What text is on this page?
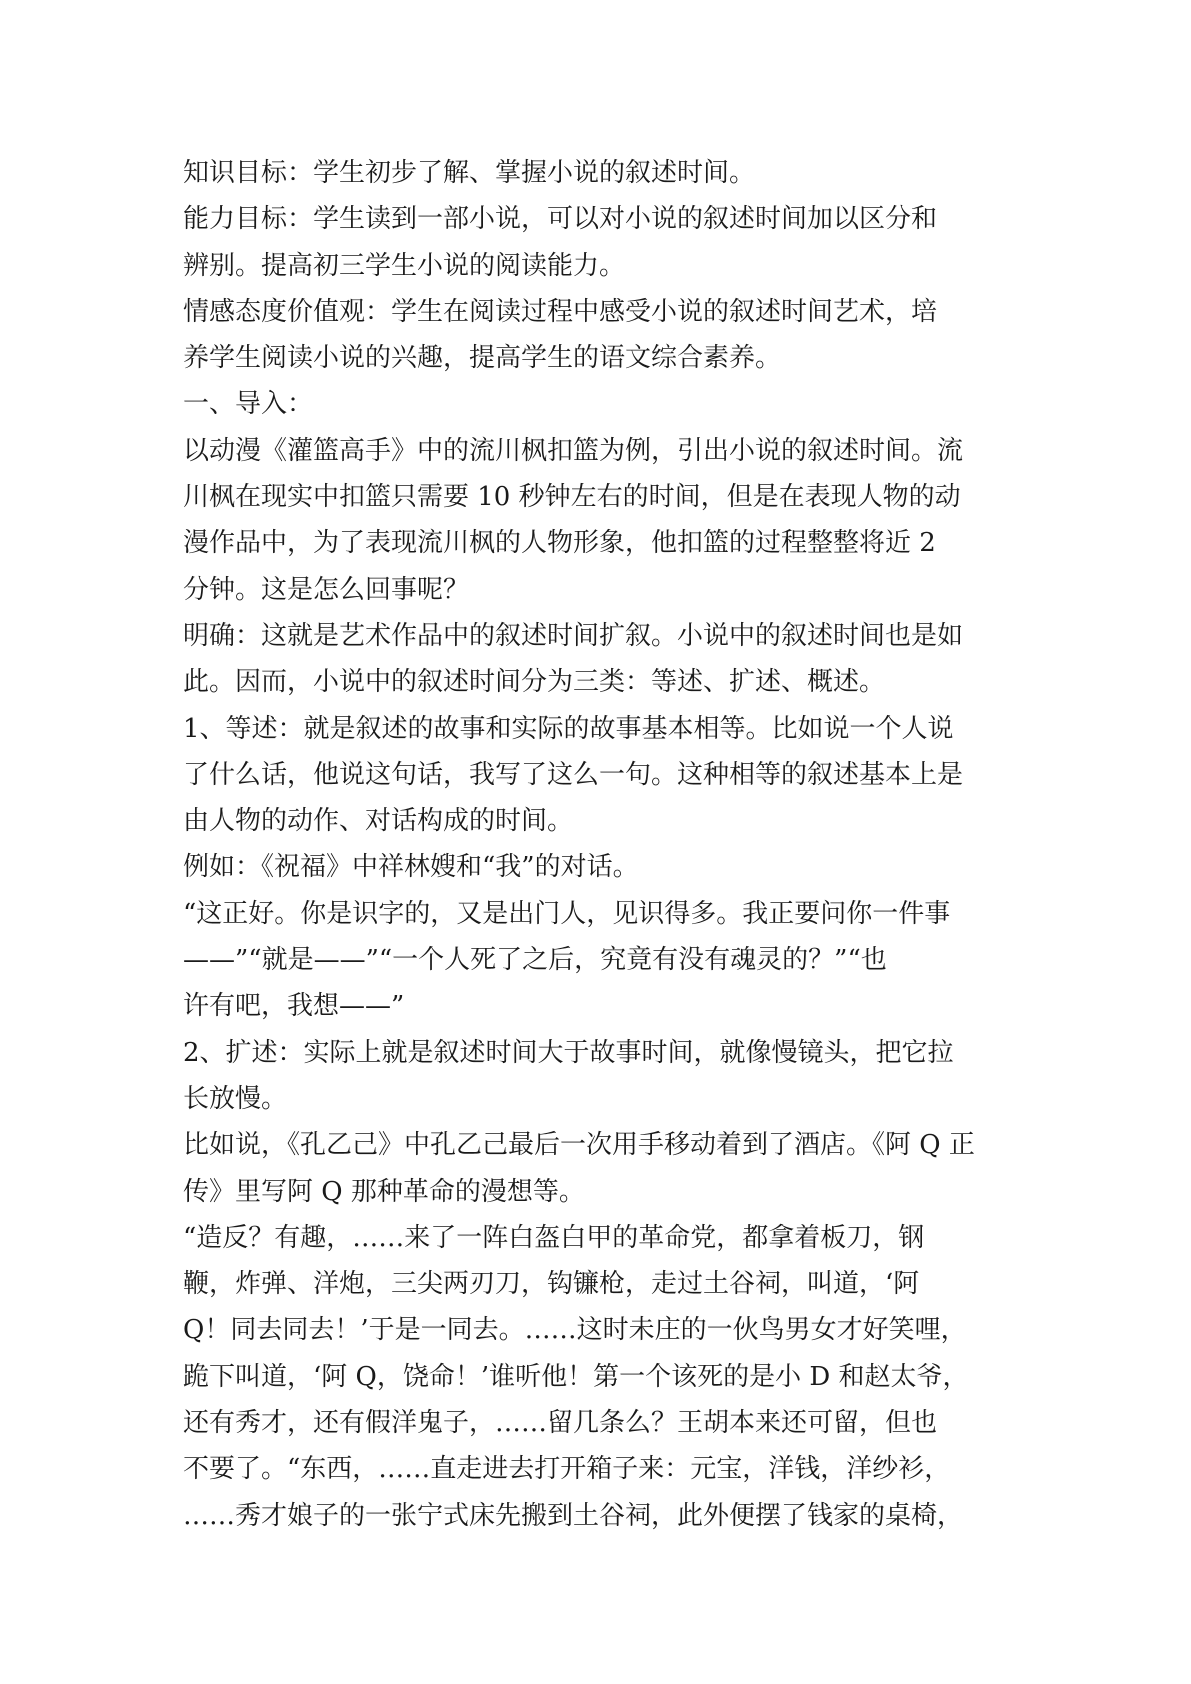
知识目标：学生初步了解、掌握小说的叙述时间。
能力目标：学生读到一部小说，可以对小说的叙述时间加以区分和
辨别。提高初三学生小说的阅读能力。
情感态度价值观：学生在阅读过程中感受小说的叙述时间艺术，培
养学生阅读小说的兴趣，提高学生的语文综合素养。
一、导入：
以动漫《灌篮高手》中的流川枫扣篮为例，引出小说的叙述时间。流
川枫在现实中扣篮只需要 10 秒钟左右的时间，但是在表现人物的动
漫作品中，为了表现流川枫的人物形象，他扣篮的过程整整将近 2
分钟。这是怎么回事呢？
明确：这就是艺术作品中的叙述时间扩叙。小说中的叙述时间也是如
此。因而，小说中的叙述时间分为三类：等述、扩述、概述。
1、等述：就是叙述的故事和实际的故事基本相等。比如说一个人说
了什么话，他说这句话，我写了这么一句。这种相等的叙述基本上是
由人物的动作、对话构成的时间。
例如：《祝福》中祥林嫂和“我”的对话。
“这正好。你是识字的，又是出门人，见识得多。我正要问你一件事
——”“就是——”“一个人死了之后，究竟有没有魂灵的？”“也
许有吧，我想——”
2、扩述：实际上就是叙述时间大于故事时间，就像慢镜头，把它拉
长放慢。
比如说，《孔乙己》中孔乙己最后一次用手移动着到了酒店。《阿 Q 正
传》里写阿 Q 那种革命的漫想等。
“造反？有趣，……来了一阵白盔白甲的革命党，都拿着板刀，钢
鞭，炸弹、洋炮，三尖两刃刀，钩镰枪，走过土谷祠，叫道，‘阿
Q！同去同去！’于是一同去。……这时未庄的一伙鸟男女才好笑哩，
跪下叫道，‘阿 Q，饶命！’谁听他！第一个该死的是小 D 和赵太爷，
还有秀才，还有假洋鬼子，……留几条么？王胡本来还可留，但也
不要了。“东西，……直走进去打开箱子来：元宝，洋钱，洋纱衫，
……秀才娘子的一张宁式床先搬到土谷祠，此外便摆了钱家的桌椅，
